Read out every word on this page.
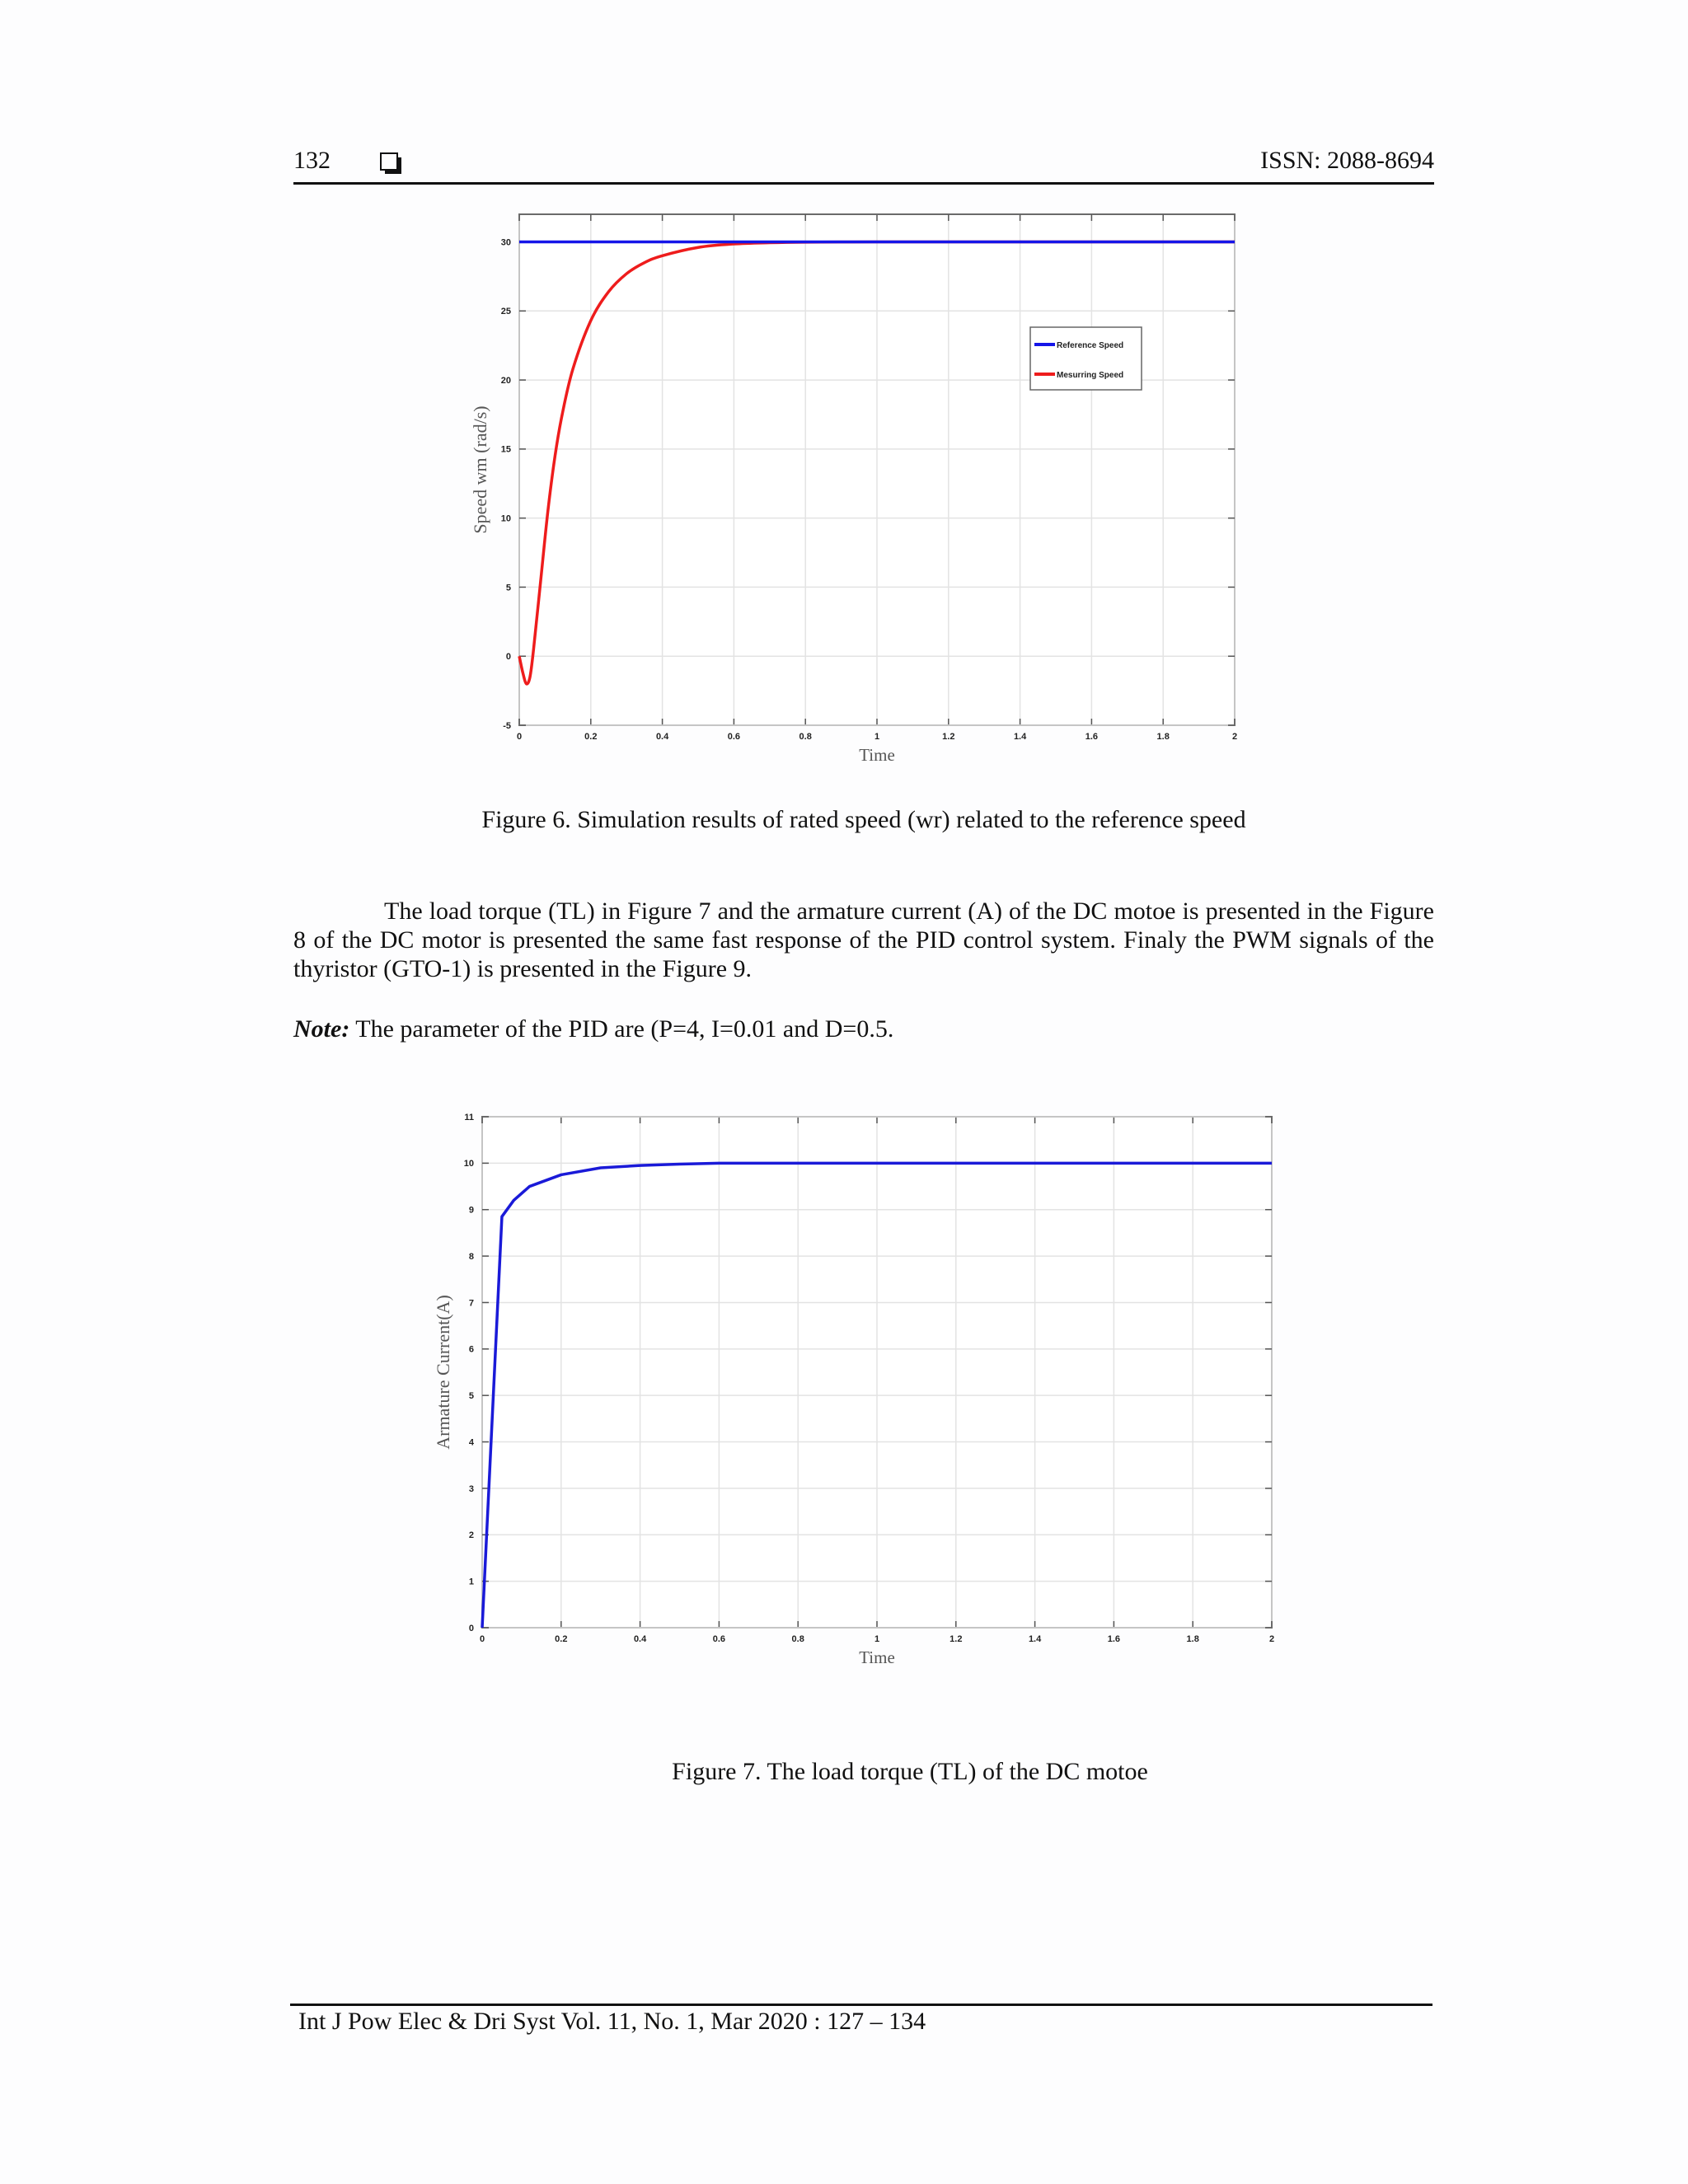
132	ISSN: 2088-8694
0	0.2	0.4	0.6	0.8	1	1.2	1.4	1.6	1.8	2
-5
0
5
10
15
20
25
30
Time
Speed wm (rad/s)
Reference Speed
Mesurring Speed
Figure 6. Simulation results of rated speed (wr) related to the reference speed
The load torque (TL) in Figure 7 and the armature current (A) of the DC motoe is presented in the Figure 8 of the DC motor is presented the same fast response of the PID control system. Finaly the PWM signals of the thyristor (GTO-1) is presented in the Figure 9.
Note: The parameter of the PID are (P=4, I=0.01 and D=0.5.
0	0.2	0.4	0.6	0.8	1	1.2	1.4	1.6	1.8	2
0
1
2
3
4
5
6
7
8
9
10
11
Time
Armature Current(A)
Figure 7. The load torque (TL) of the DC motoe
Int J Pow Elec & Dri Syst Vol. 11, No. 1, Mar 2020 : 127 – 134
